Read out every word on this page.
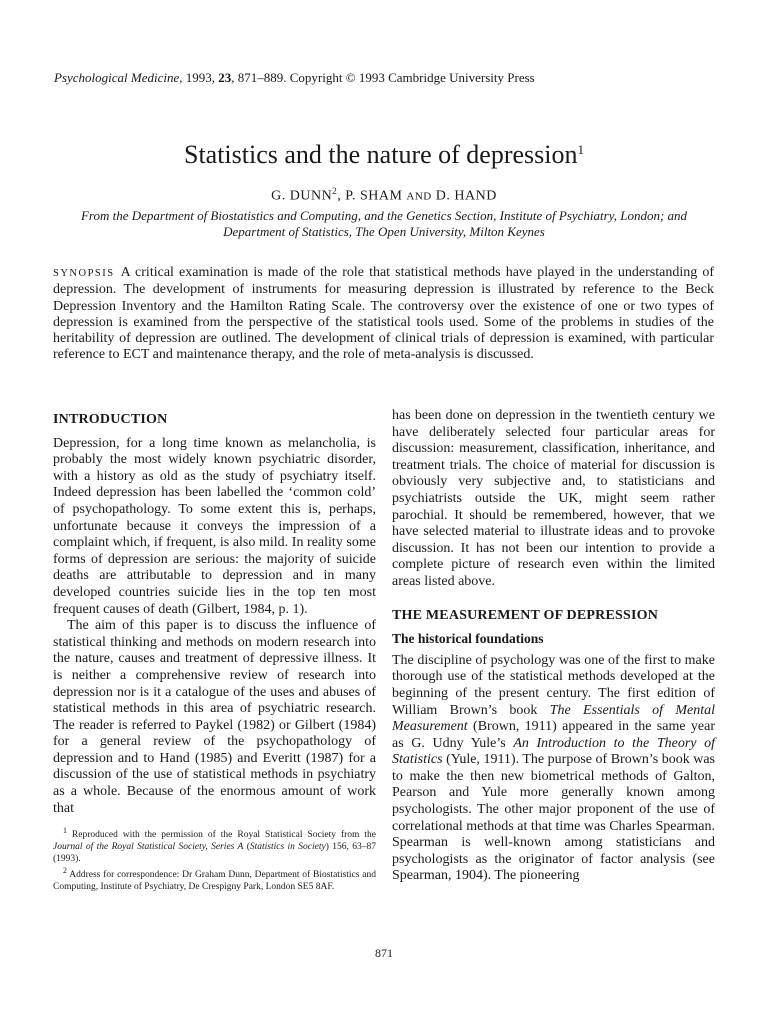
Psychological Medicine, 1993, 23, 871–889. Copyright © 1993 Cambridge University Press
Statistics and the nature of depression$^1$
G. DUNN$^2$, P. SHAM AND D. HAND
From the Department of Biostatistics and Computing, and the Genetics Section, Institute of Psychiatry, London; and Department of Statistics, The Open University, Milton Keynes
SYNOPSIS A critical examination is made of the role that statistical methods have played in the understanding of depression. The development of instruments for measuring depression is illustrated by reference to the Beck Depression Inventory and the Hamilton Rating Scale. The controversy over the existence of one or two types of depression is examined from the perspective of the statistical tools used. Some of the problems in studies of the heritability of depression are outlined. The development of clinical trials of depression is examined, with particular reference to ECT and maintenance therapy, and the role of meta-analysis is discussed.
INTRODUCTION

Depression, for a long time known as melancholia, is probably the most widely known psychiatric disorder, with a history as old as the study of psychiatry itself. Indeed depression has been labelled the ‘common cold’ of psychopathology. To some extent this is, perhaps, unfortunate because it conveys the impression of a complaint which, if frequent, is also mild. In reality some forms of depression are serious: the majority of suicide deaths are attributable to depression and in many developed countries suicide lies in the top ten most frequent causes of death (Gilbert, 1984, p. 1).

The aim of this paper is to discuss the influence of statistical thinking and methods on modern research into the nature, causes and treatment of depressive illness. It is neither a comprehensive review of research into depression nor is it a catalogue of the uses and abuses of statistical methods in this area of psychiatric research. The reader is referred to Paykel (1982) or Gilbert (1984) for a general review of the psychopathology of depression and to Hand (1985) and Everitt (1987) for a discussion of the use of statistical methods in psychiatry as a whole. Because of the enormous amount of work that

$^1$ Reproduced with the permission of the Royal Statistical Society from the Journal of the Royal Statistical Society, Series A (Statistics in Society) 156, 63–87 (1993).

$^2$ Address for correspondence: Dr Graham Dunn, Department of Biostatistics and Computing, Institute of Psychiatry, De Crespigny Park, London SE5 8AF.

has been done on depression in the twentieth century we have deliberately selected four particular areas for discussion: measurement, classification, inheritance, and treatment trials. The choice of material for discussion is obviously very subjective and, to statisticians and psychiatrists outside the UK, might seem rather parochial. It should be remembered, however, that we have selected material to illustrate ideas and to provoke discussion. It has not been our intention to provide a complete picture of research even within the limited areas listed above.

THE MEASUREMENT OF DEPRESSION
The historical foundations

The discipline of psychology was one of the first to make thorough use of the statistical methods developed at the beginning of the present century. The first edition of William Brown’s book The Essentials of Mental Measurement (Brown, 1911) appeared in the same year as G. Udny Yule’s An Introduction to the Theory of Statistics (Yule, 1911). The purpose of Brown’s book was to make the then new biometrical methods of Galton, Pearson and Yule more generally known among psychologists. The other major proponent of the use of correlational methods at that time was Charles Spearman. Spearman is well-known among statisticians and psychologists as the originator of factor analysis (see Spearman, 1904). The pioneering

871
